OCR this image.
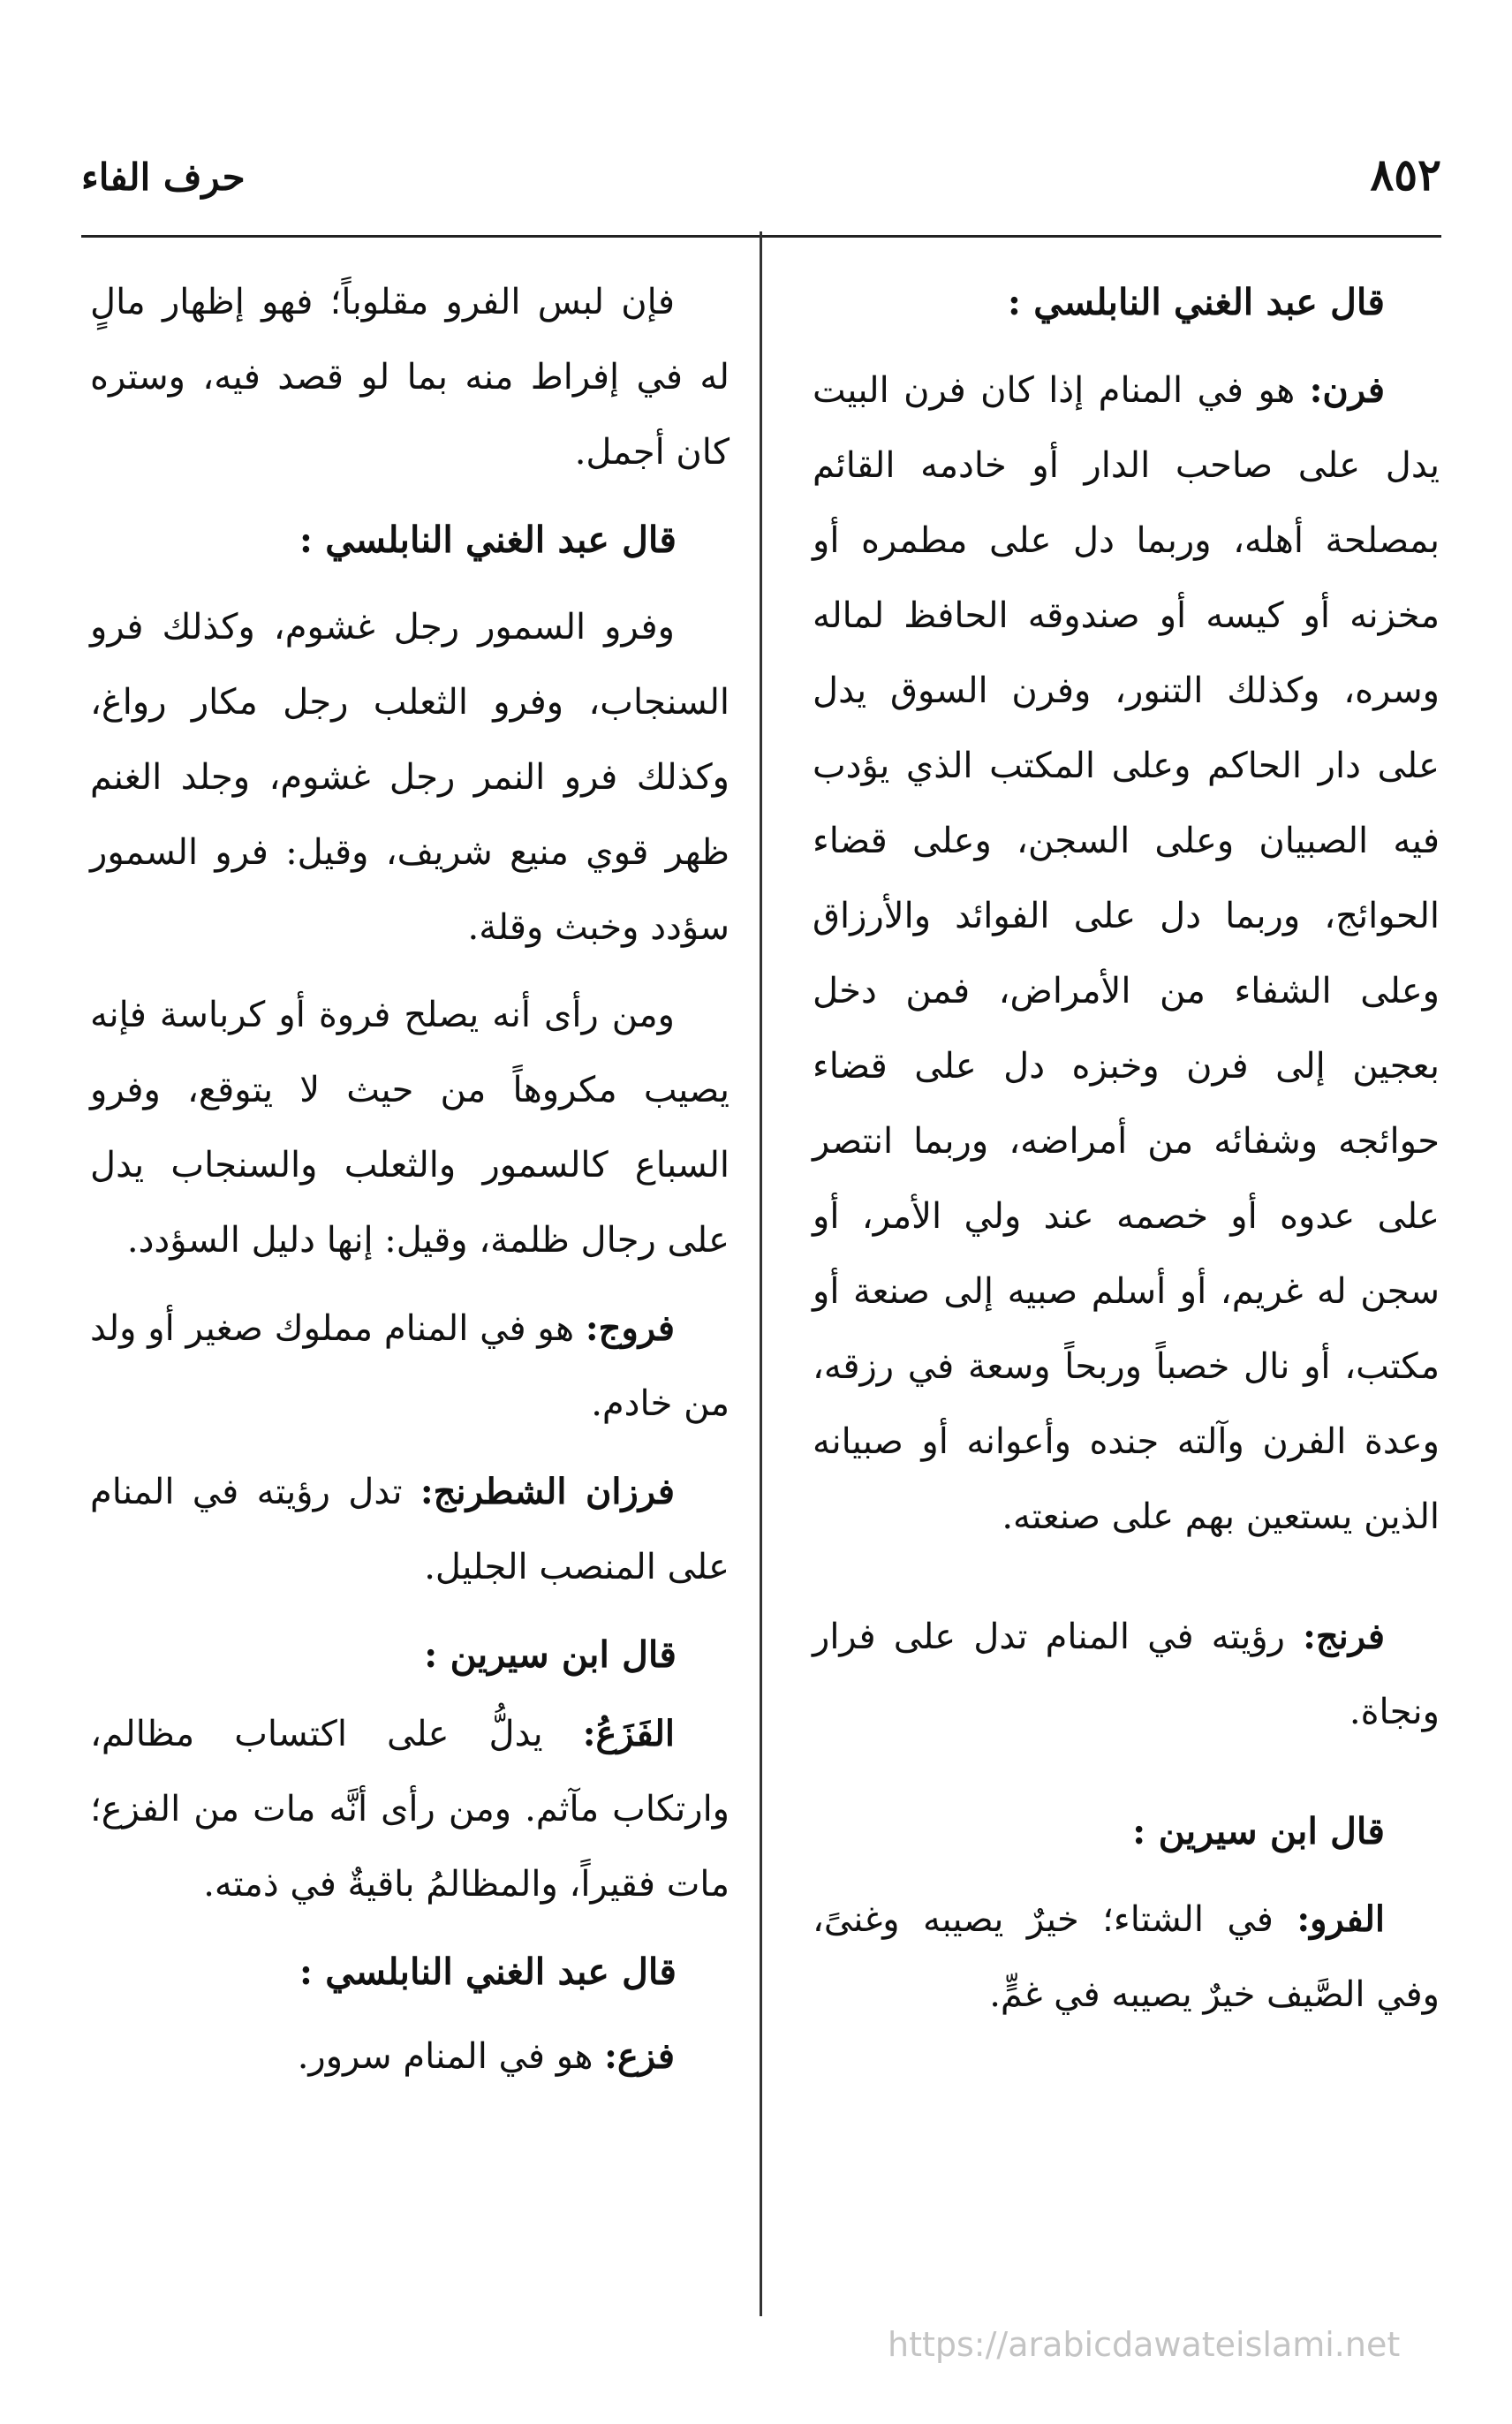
٨٥٢
حرف الفاء

قال عبد الغني النابلسي :

فرن: هو في المنام إذا كان فرن البيت يدل على صاحب الدار أو خادمه القائم بمصلحة أهله، وربما دل على مطمره أو مخزنه أو كيسه أو صندوقه الحافظ لماله وسره، وكذلك التنور، وفرن السوق يدل على دار الحاكم وعلى المكتب الذي يؤدب فيه الصبيان وعلى السجن، وعلى قضاء الحوائج، وربما دل على الفوائد والأرزاق وعلى الشفاء من الأمراض، فمن دخل بعجين إلى فرن وخبزه دل على قضاء حوائجه وشفائه من أمراضه، وربما انتصر على عدوه أو خصمه عند ولي الأمر، أو سجن له غريم، أو أسلم صبيه إلى صنعة أو مكتب، أو نال خصباً وربحاً وسعة في رزقه، وعدة الفرن وآلته جنده وأعوانه أو صبيانه الذين يستعين بهم على صنعته.

فرنج: رؤيته في المنام تدل على فرار ونجاة.

قال ابن سيرين :

الفرو: في الشتاء؛ خيرٌ يصيبه وغنىً، وفي الصَّيف خيرٌ يصيبه في غمٍّ.

فإن لبس الفرو مقلوباً؛ فهو إظهار مالٍ له في إفراط منه بما لو قصد فيه، وستره كان أجمل.

قال عبد الغني النابلسي :

وفرو السمور رجل غشوم، وكذلك فرو السنجاب، وفرو الثعلب رجل مكار رواغ، وكذلك فرو النمر رجل غشوم، وجلد الغنم ظهر قوي منيع شريف، وقيل: فرو السمور سؤدد وخبث وقلة.

ومن رأى أنه يصلح فروة أو كرباسة فإنه يصيب مكروهاً من حيث لا يتوقع، وفرو السباع كالسمور والثعلب والسنجاب يدل على رجال ظلمة، وقيل: إنها دليل السؤدد.

فروج: هو في المنام مملوك صغير أو ولد من خادم.

فرزان الشطرنج: تدل رؤيته في المنام على المنصب الجليل.

قال ابن سيرين :

الفَزَعُ: يدلُّ على اكتساب مظالم، وارتكاب مآثم. ومن رأى أنَّه مات من الفزع؛ مات فقيراً، والمظالمُ باقيةٌ في ذمته.

قال عبد الغني النابلسي :

فزع: هو في المنام سرور.

https://arabicdawateislami.net
